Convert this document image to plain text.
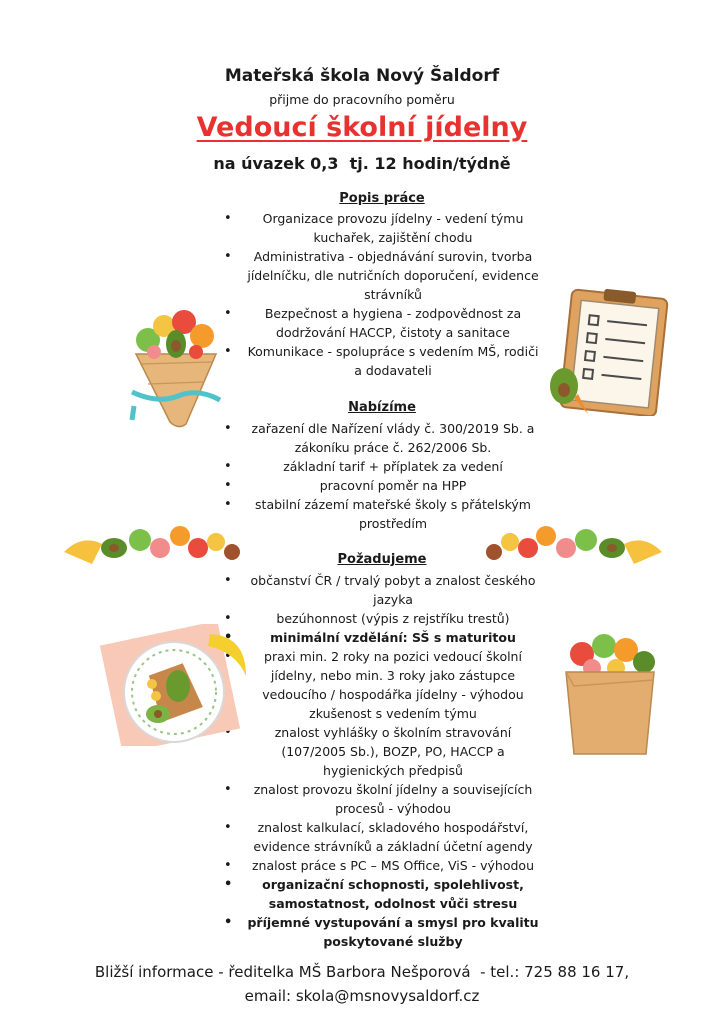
Mateřská škola Nový Šaldorf
přijme do pracovního poměru
Vedoucí školní jídelny
na úvazek 0,3  tj. 12 hodin/týdně
Popis práce
• Organizace provozu jídelny - vedení týmu kuchařek, zajištění chodu
• Administrativa - objednávání surovin, tvorba jídelníčku, dle nutričních doporučení, evidence strávníků
• Bezpečnost a hygiena - zodpovědnost za dodržování HACCP, čistoty a sanitace
• Komunikace - spolupráce s vedením MŠ, rodiči a dodavateli
Nabízíme
• zařazení dle Nařízení vlády č. 300/2019 Sb. a zákoníku práce č. 262/2006 Sb.
• základní tarif + příplatek za vedení
• pracovní poměr na HPP
• stabilní zázemí mateřské školy s přátelským prostředím
Požadujeme
• občanství ČR / trvalý pobyt a znalost českého jazyka
• bezúhonnost (výpis z rejstříku trestů)
• minimální vzdělání: SŠ s maturitou
• praxi min. 2 roky na pozici vedoucí školní jídelny, nebo min. 3 roky jako zástupce vedoucího / hospodářka jídelny - výhodou
• zkušenost s vedením týmu
• znalost vyhlášky o školním stravování (107/2005 Sb.), BOZP, PO, HACCP a hygienických předpisů
• znalost provozu školní jídelny a souvisejících procesů - výhodou
• znalost kalkulací, skladového hospodářství, evidence strávníků a základní účetní agendy
• znalost práce s PC – MS Office, ViS - výhodou
• organizační schopnosti, spolehlivost, samostatnost, odolnost vůči stresu
• příjemné vystupování a smysl pro kvalitu poskytované služby
Bližší informace - ředitelka MŠ Barbora Nešporová  - tel.: 725 88 16 17,
email: skola@msnovysaldorf.cz
